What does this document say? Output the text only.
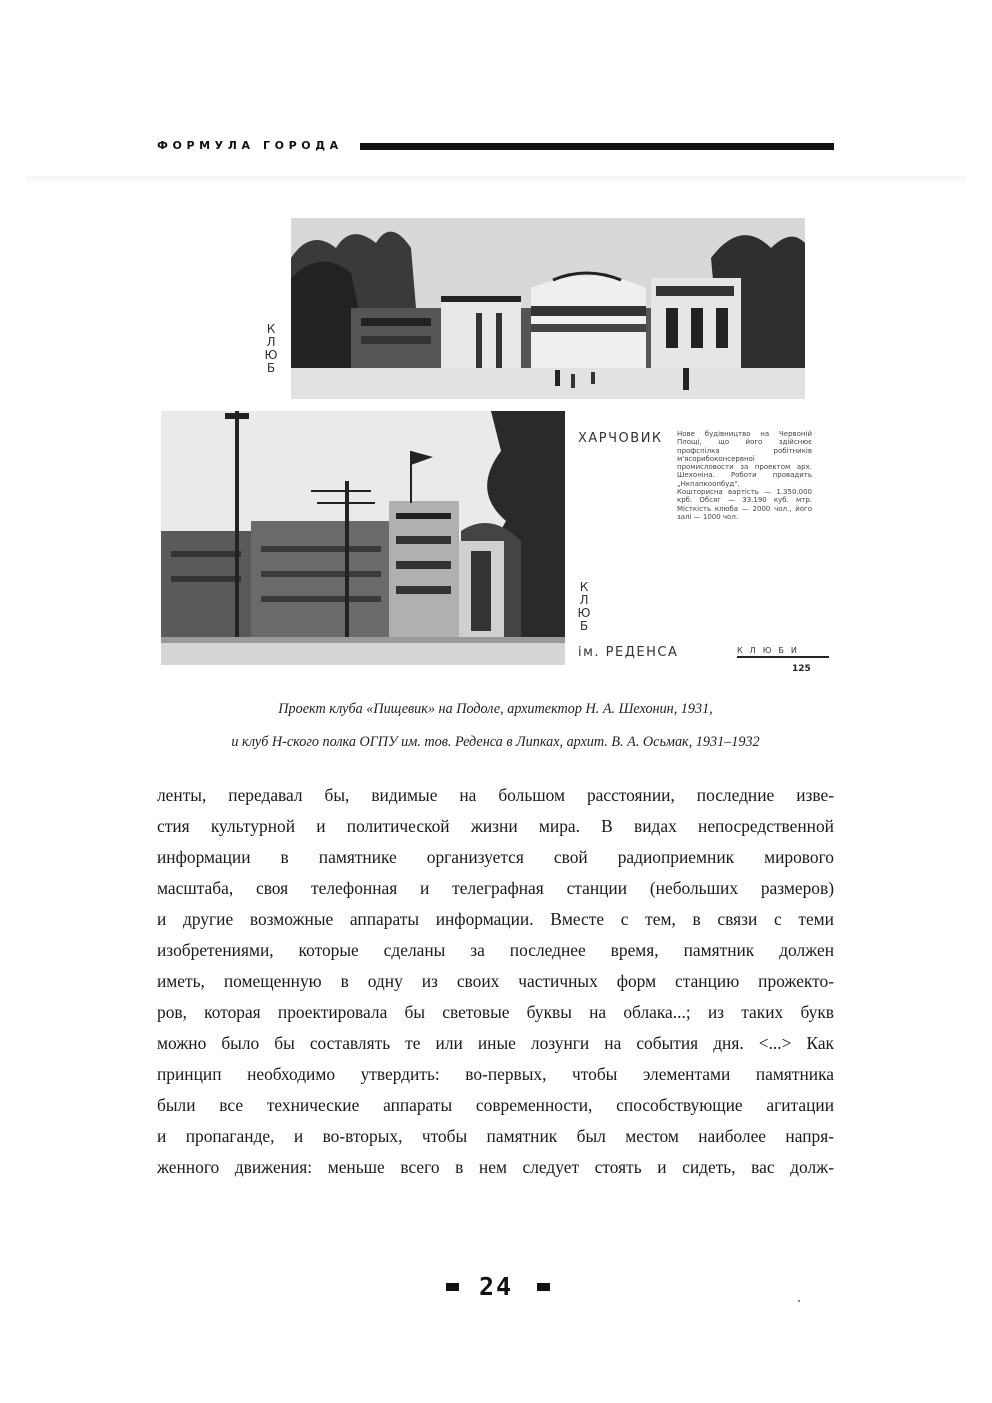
ФОРМУЛА ГОРОДА
К
Л
Ю
Б
К
Л
Ю
Б
ХАРЧОВИК
ім. РЕДЕНСА

Нове будівництво на Червоній Площі, що його здійснює профспілка робітників м'ясорибоконсервної промисловости за проектом арх. Шехоніна. Роботи провадить „Нкпапкоопбуд".

Кошторисна вартість — 1.350.000 крб. Обсяг — 33.190 куб. мтр. Місткість клюба — 2000 чол., його залі — 1000 чол.

КЛЮБИ
125
Проект клуба «Пищевик» на Подоле, архитектор Н. А. Шехонин, 1931,
и клуб Н-ского полка ОГПУ им. тов. Реденса в Липках, архит. В. А. Осьмак, 1931–1932
ленты, передавал бы, видимые на большом расстоянии, последние изве-
стия культурной и политической жизни мира. В видах непосредственной
информации в памятнике организуется свой радиоприемник мирового
масштаба, своя телефонная и телеграфная станции (небольших размеров)
и другие возможные аппараты информации. Вместе с тем, в связи с теми
изобретениями, которые сделаны за последнее время, памятник должен
иметь, помещенную в одну из своих частичных форм станцию прожекто-
ров, которая проектировала бы световые буквы на облака...; из таких букв
можно было бы составлять те или иные лозунги на события дня. <...> Как
принцип необходимо утвердить: во-первых, чтобы элементами памятника
были все технические аппараты современности, способствующие агитации
и пропаганде, и во-вторых, чтобы памятник был местом наиболее напря-
женного движения: меньше всего в нем следует стоять и сидеть, вас долж-
24
